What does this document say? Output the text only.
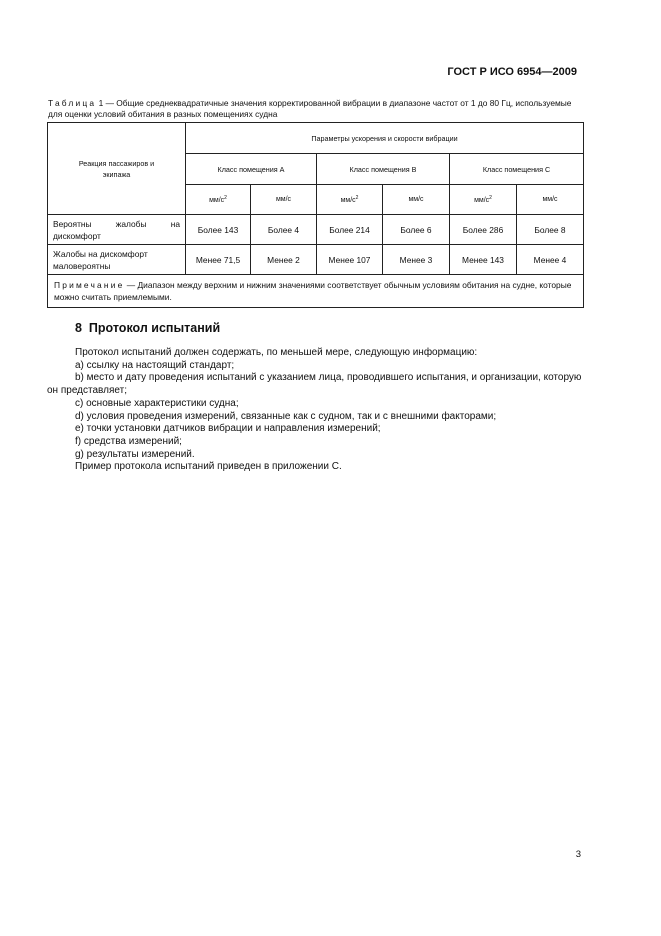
ГОСТ Р ИСО 6954—2009
Таблица 1 — Общие среднеквадратичные значения корректированной вибрации в диапазоне частот от 1 до 80 Гц, используемые для оценки условий обитания в разных помещениях судна
Реакция пассажиров и экипажа	Параметры ускорения и скорости вибрации					
	Класс помещения А		Класс помещения В		Класс помещения С	
	$мм/с^2$	мм/с	$мм/с^2$	мм/с	$мм/с^2$	мм/с
Вероятны жалобы на дискомфорт	Более 143	Более 4	Более 214	Более 6	Более 286	Более 8
Жалобы на дискомфорт маловероятны	Менее 71,5	Менее 2	Менее 107	Менее 3	Менее 143	Менее 4
Примечание — Диапазон между верхним и нижним значениями соответствует обычным условиям обитания на судне, которые можно считать приемлемыми.						
8 Протокол испытаний

Протокол испытаний должен содержать, по меньшей мере, следующую информацию:

a) ссылку на настоящий стандарт;

b) место и дату проведения испытаний с указанием лица, проводившего испытания, и организации, которую он представляет;

c) основные характеристики судна;

d) условия проведения измерений, связанные как с судном, так и с внешними факторами;

e) точки установки датчиков вибрации и направления измерений;

f) средства измерений;

g) результаты измерений.

Пример протокола испытаний приведен в приложении С.

3
